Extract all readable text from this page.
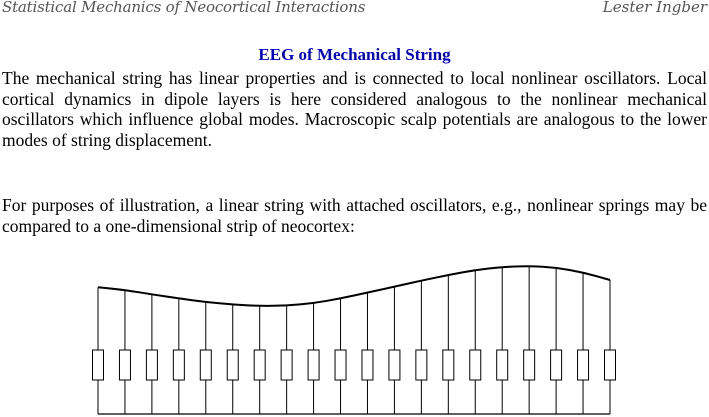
Statistical Mechanics of Neocortical Interactions	Lester Ingber
EEG of Mechanical String
The mechanical string has linear properties and is connected to local nonlinear oscillators. Local cortical dynamics in dipole layers is here considered analogous to the nonlinear mechanical oscillators which influence global modes. Macroscopic scalp potentials are analogous to the lower modes of string displacement.
For purposes of illustration, a linear string with attached oscillators, e.g., nonlinear springs may be compared to a one-dimensional strip of neocortex:
